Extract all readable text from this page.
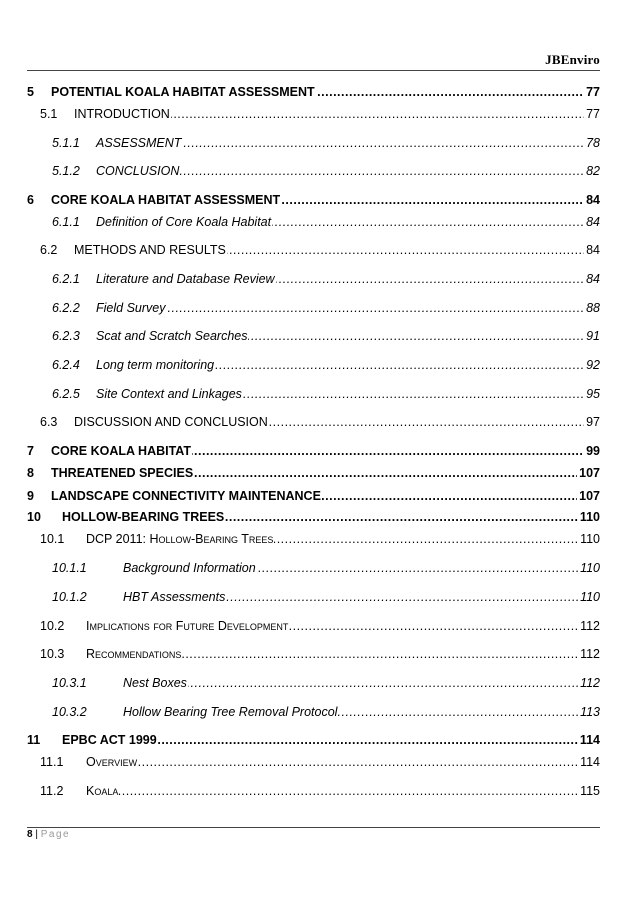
JBEnviro
5 ..... POTENTIAL KOALA HABITAT ASSESSMENT	77
5.1 ..... INTRODUCTION	77
5.1.1 ..... ASSESSMENT	78
5.1.2 ..... CONCLUSION	82
6 ..... CORE KOALA HABITAT ASSESSMENT	84
6.1.1 ..... Definition of Core Koala Habitat	84
6.2 ..... METHODS AND RESULTS	84
6.2.1 ..... Literature and Database Review	84
6.2.2 ..... Field Survey	88
6.2.3 ..... Scat and Scratch Searches	91
6.2.4 ..... Long term monitoring	92
6.2.5 ..... Site Context and Linkages	95
6.3 ..... DISCUSSION AND CONCLUSION	97
7 ..... CORE KOALA HABITAT	99
8 ..... THREATENED SPECIES	107
9 ..... LANDSCAPE CONNECTIVITY MAINTENANCE	107
10 ..... HOLLOW-BEARING TREES	110
10.1 ..... DCP 2011: Hollow-Bearing Trees	110
10.1.1 .....	Background Information	110
10.1.2 .....	HBT Assessments	110
10.2 ..... Implications for Future Development	112
10.3 ..... Recommendations	112
10.3.1 .....	Nest Boxes	112
10.3.2 .....	Hollow Bearing Tree Removal Protocol	113
11 ..... EPBC ACT 1999	114
11.1 ..... Overview	114
11.2 ..... Koala	115
8 | Page
